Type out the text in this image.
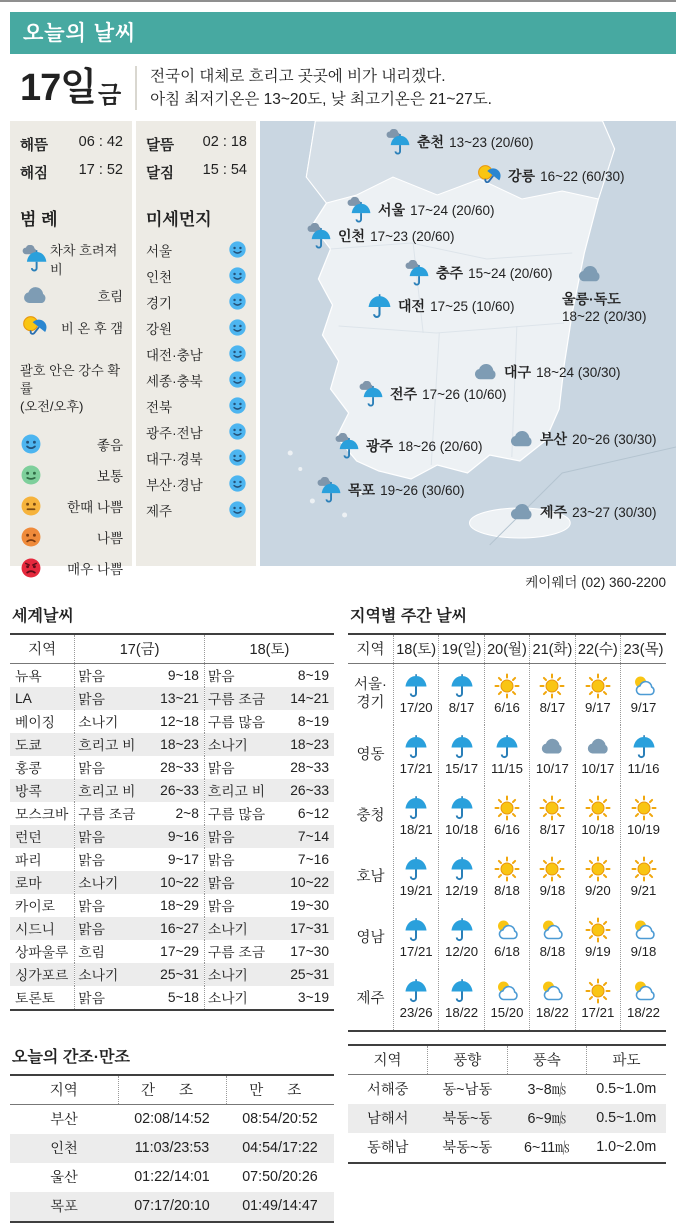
오늘의 날씨
17일 금
전국이 대체로 흐리고 곳곳에 비가 내리겠다.
아침 최저기온은 13~20도, 낮 최고기온은 21~27도.
해뜸 06 : 42
해짐 17 : 52
범 례
차차 흐려져 비
흐림
비 온 후 갬
괄호 안은 강수 확률
(오전/오후)
좋음
보통
한때 나쁨
나쁨
매우 나쁨
달뜸 02 : 18
달짐 15 : 54
미세먼지
서울
인천
경기
강원
대전·충남
세종·충북
전북
광주·전남
대구·경북
부산·경남
제주
춘천 13~23 (20/60)
강릉 16~22 (60/30)
서울 17~24 (20/60)
인천 17~23 (20/60)
충주 15~24 (20/60)
대전 17~25 (10/60)	울릉·독도
18~22 (20/30)
대구 18~24 (30/30)
전주 17~26 (10/60)
부산 20~26 (30/30)
광주 18~26 (20/60)
목포 19~26 (30/60)
제주 23~27 (30/30)
케이웨더 (02) 360-2200
세계날씨
지역	17(금)		18(토)	
뉴욕	맑음	9~18	맑음	8~19
LA	맑음	13~21	구름 조금	14~21
베이징	소나기	12~18	구름 많음	8~19
도쿄	흐리고 비	18~23	소나기	18~23
홍콩	맑음	28~33	맑음	28~33
방콕	흐리고 비	26~33	흐리고 비	26~33
모스크바	구름 조금	2~8	구름 많음	6~12
런던	맑음	9~16	맑음	7~14
파리	맑음	9~17	맑음	7~16
로마	소나기	10~22	맑음	10~22
카이로	맑음	18~29	맑음	19~30
시드니	맑음	16~27	소나기	17~31
상파울루	흐림	17~29	구름 조금	17~30
싱가포르	소나기	25~31	소나기	25~31
토론토	맑음	5~18	소나기	3~19
지역별 주간 날씨
지역	18(토)	19(일)	20(월)	21(화)	22(수)	23(목)
서울·경기	17/20	8/17	6/16	8/17	9/17	9/17

영동	17/21	15/17	11/15	10/17	10/17	11/16

충청	18/21	10/18	6/16	8/17	10/18	10/19

호남	19/21	12/19	8/18	9/18	9/20	9/21

영남	17/21	12/20	6/18	8/18	9/19	9/18

제주	23/26	18/22	15/20	18/22	17/21	18/22
오늘의 간조·만조
지역	간 조	만 조
부산	02:08/14:52	08:54/20:52
인천	11:03/23:53	04:54/17:22
울산	01:22/14:01	07:50/20:26
목포	07:17/20:10	01:49/14:47
지역	풍향	풍속	파도
서해중	동~남동	3~8㎧	0.5~1.0m
남해서	북동~동	6~9㎧	0.5~1.0m
동해남	북동~동	6~11㎧	1.0~2.0m
